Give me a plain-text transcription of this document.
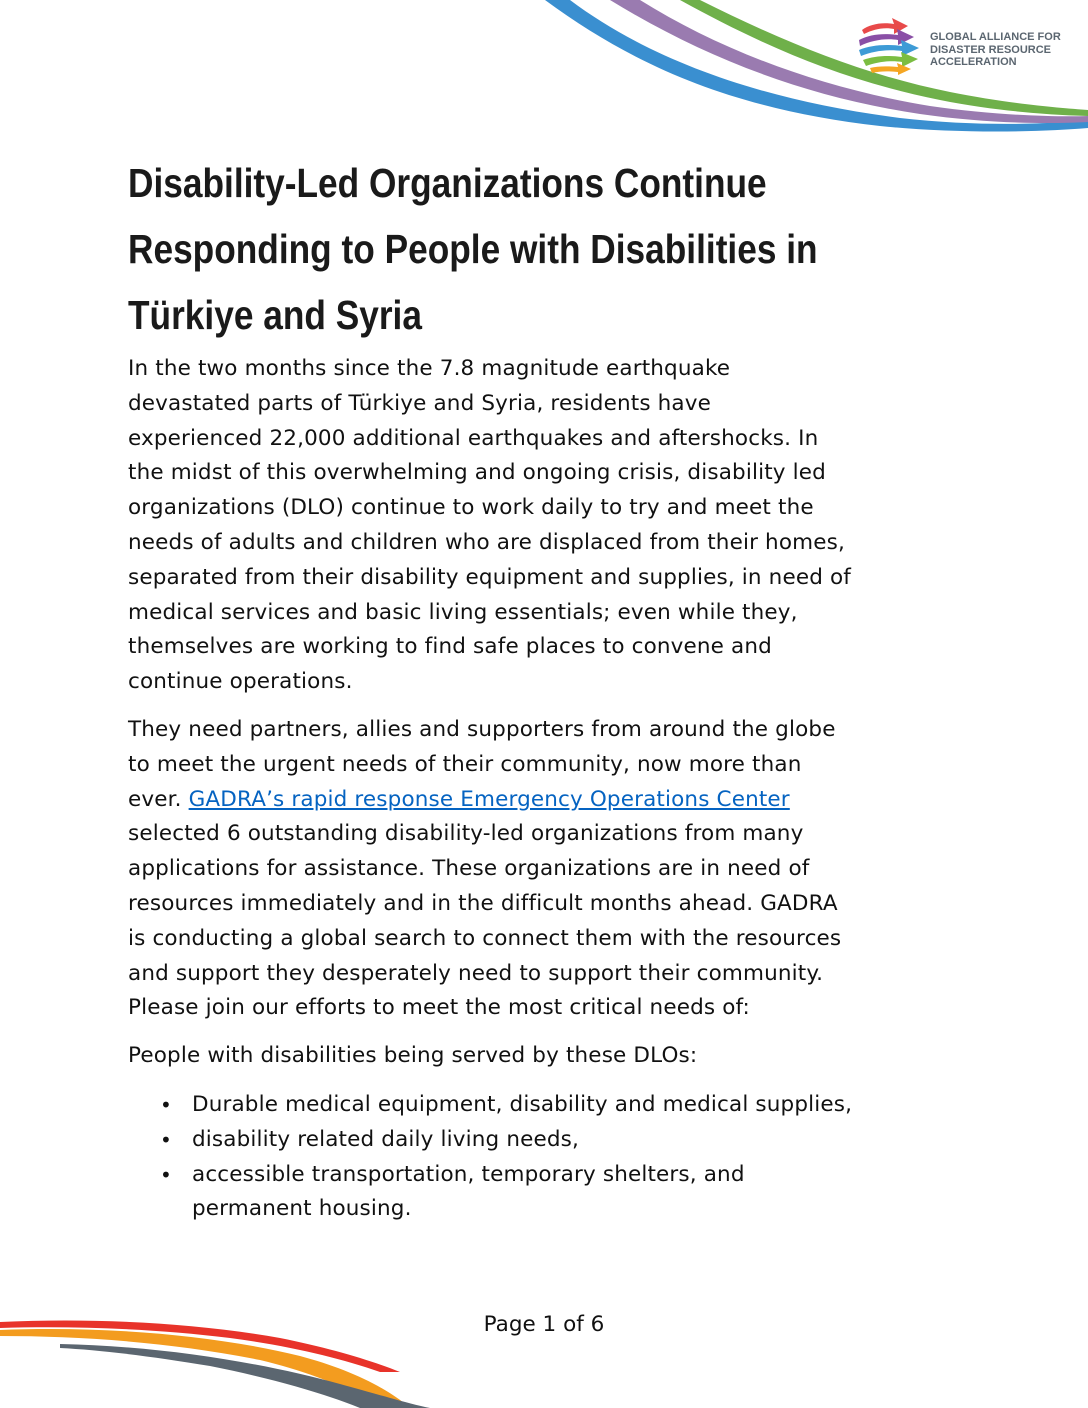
GLOBAL ALLIANCE FOR
DISASTER RESOURCE
ACCELERATION
Disability-Led Organizations Continue
Responding to People with Disabilities in
Türkiye and Syria

In the two months since the 7.8 magnitude earthquake
devastated parts of Türkiye and Syria, residents have
experienced 22,000 additional earthquakes and aftershocks. In
the midst of this overwhelming and ongoing crisis, disability led
organizations (DLO) continue to work daily to try and meet the
needs of adults and children who are displaced from their homes,
separated from their disability equipment and supplies, in need of
medical services and basic living essentials; even while they,
themselves are working to find safe places to convene and
continue operations.

They need partners, allies and supporters from around the globe
to meet the urgent needs of their community, now more than
ever. GADRA’s rapid response Emergency Operations Center
selected 6 outstanding disability-led organizations from many
applications for assistance. These organizations are in need of
resources immediately and in the difficult months ahead. GADRA
is conducting a global search to connect them with the resources
and support they desperately need to support their community.
Please join our efforts to meet the most critical needs of:

People with disabilities being served by these DLOs:

• Durable medical equipment, disability and medical supplies,
• disability related daily living needs,
• accessible transportation, temporary shelters, and
permanent housing.
Page 1 of 6
